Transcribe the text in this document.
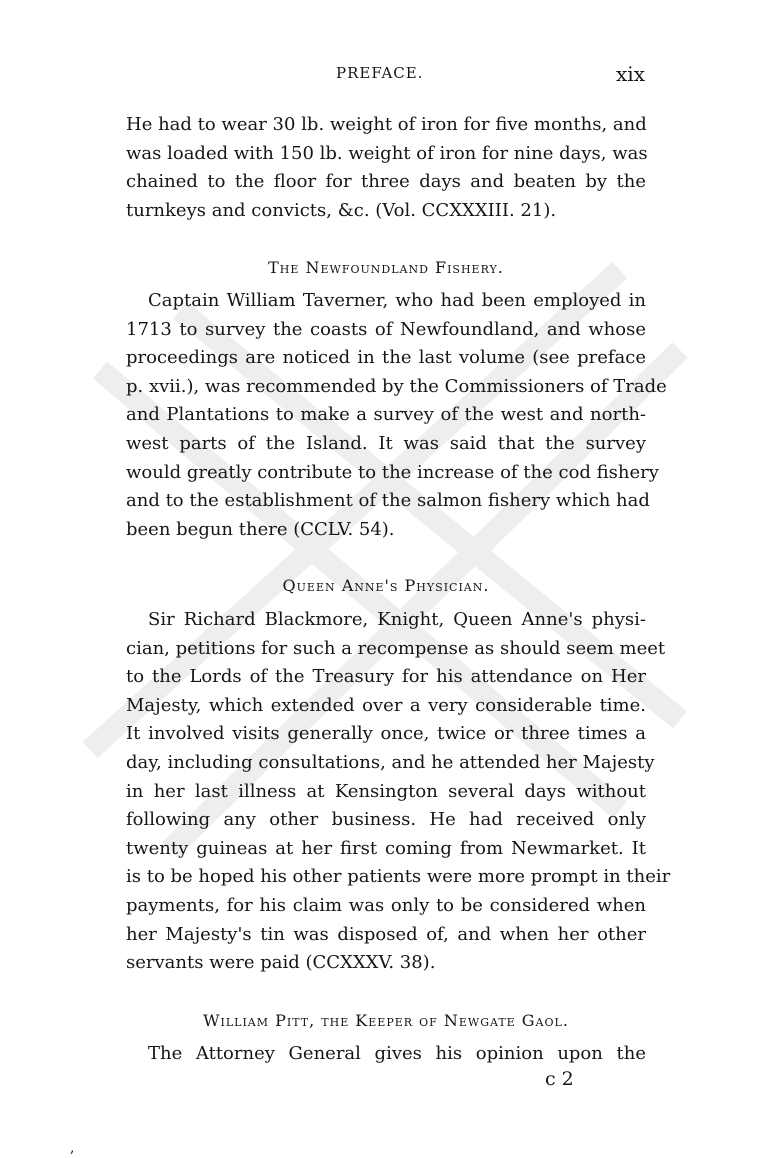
PREFACE.	xix
He had to wear 30 lb. weight of iron for five months, and
was loaded with 150 lb. weight of iron for nine days, was
chained to the floor for three days and beaten by the
turnkeys and convicts, &c. (Vol. CCXXXIII. 21).
The Newfoundland Fishery.
Captain William Taverner, who had been employed in
1713 to survey the coasts of Newfoundland, and whose
proceedings are noticed in the last volume (see preface
p. xvii.), was recommended by the Commissioners of Trade
and Plantations to make a survey of the west and north-
west parts of the Island. It was said that the survey
would greatly contribute to the increase of the cod fishery
and to the establishment of the salmon fishery which had
been begun there (CCLV. 54).
Queen Anne's Physician.
Sir Richard Blackmore, Knight, Queen Anne's physi-
cian, petitions for such a recompense as should seem meet
to the Lords of the Treasury for his attendance on Her
Majesty, which extended over a very considerable time.
It involved visits generally once, twice or three times a
day, including consultations, and he attended her Majesty
in her last illness at Kensington several days without
following any other business. He had received only
twenty guineas at her first coming from Newmarket. It
is to be hoped his other patients were more prompt in their
payments, for his claim was only to be considered when
her Majesty's tin was disposed of, and when her other
servants were paid (CCXXXV. 38).
William Pitt, the Keeper of Newgate Gaol.
The Attorney General gives his opinion upon the
c 2
,
